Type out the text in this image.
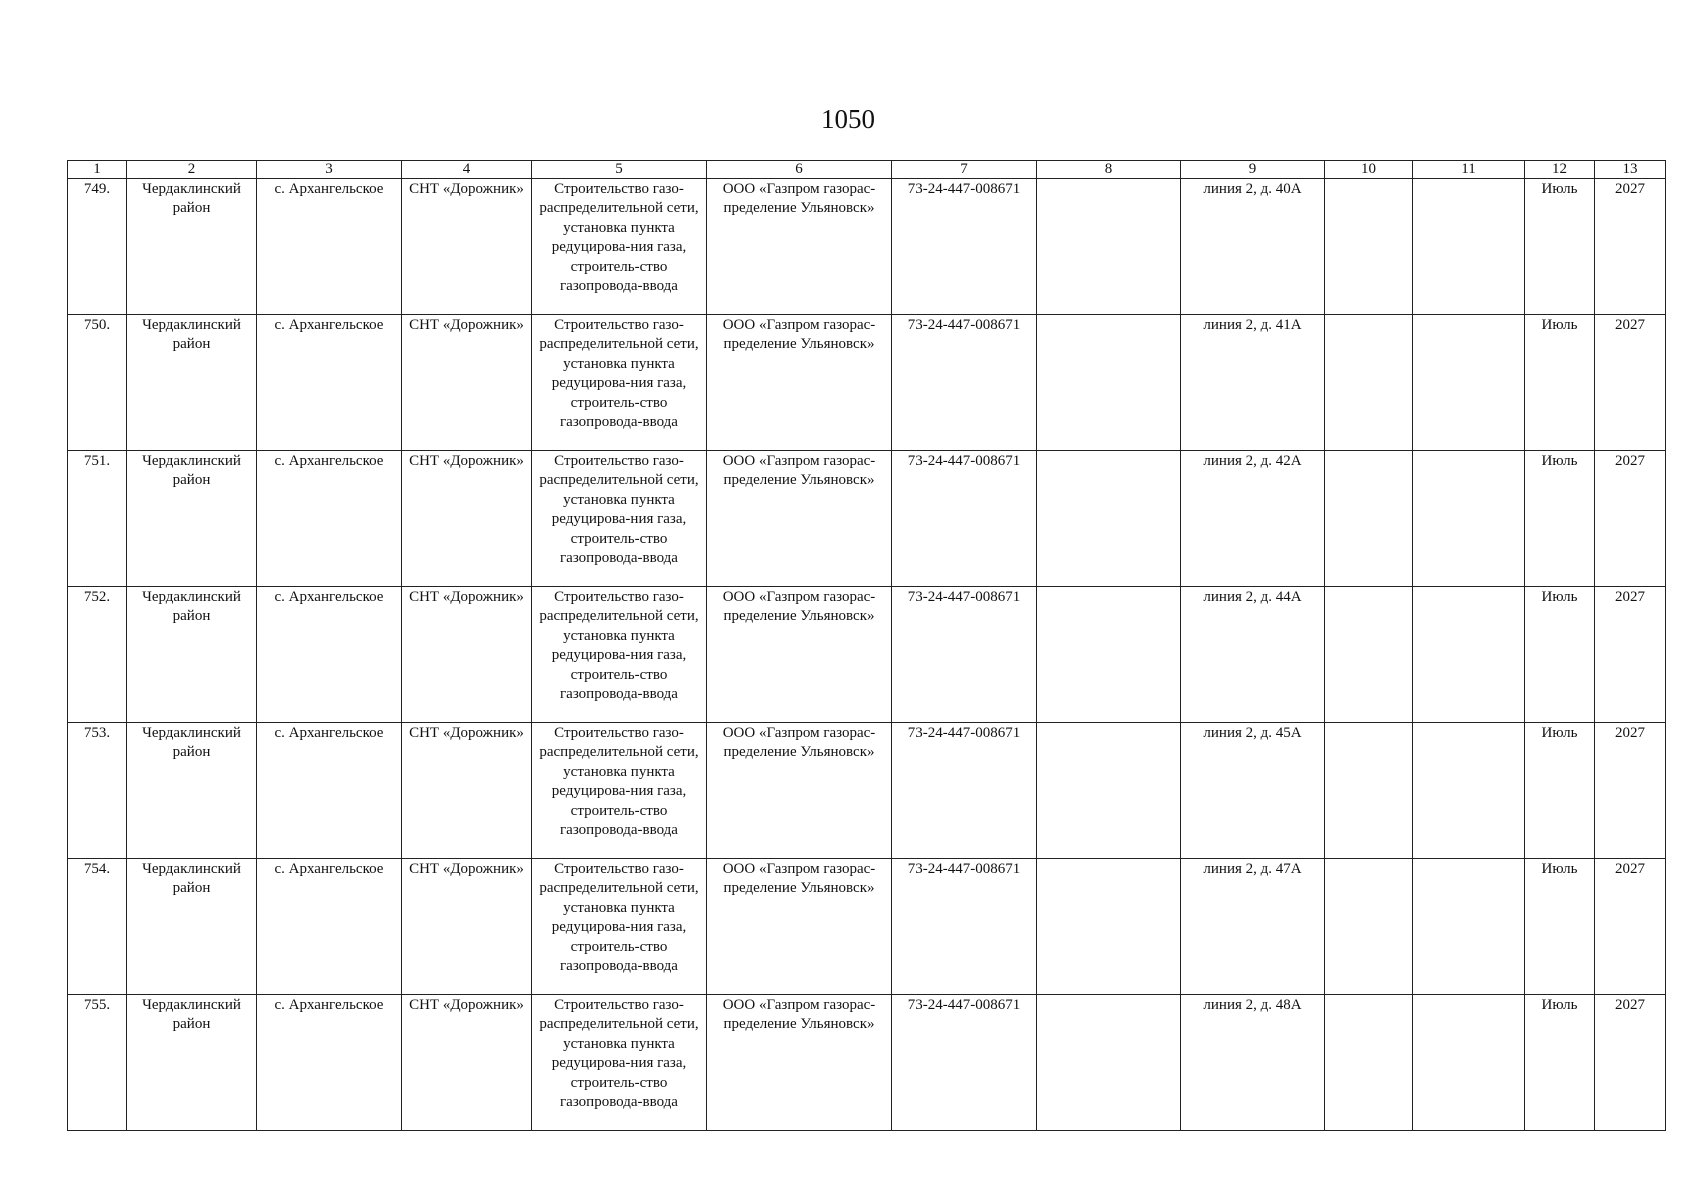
1050
1	2	3	4	5	6	7	8	9	10	11	12	13
749.	Чердаклинский район	с. Архангельское	СНТ «Дорожник»	Строительство газо-распределительной сети, установка пункта редуцирова-ния газа, строитель-ство газопровода-ввода	ООО «Газпром газорас-пределение Ульяновск»	73-24-447-008671		линия 2, д. 40А			Июль	2027
750.	Чердаклинский район	с. Архангельское	СНТ «Дорожник»	Строительство газо-распределительной сети, установка пункта редуцирова-ния газа, строитель-ство газопровода-ввода	ООО «Газпром газорас-пределение Ульяновск»	73-24-447-008671		линия 2, д. 41А			Июль	2027
751.	Чердаклинский район	с. Архангельское	СНТ «Дорожник»	Строительство газо-распределительной сети, установка пункта редуцирова-ния газа, строитель-ство газопровода-ввода	ООО «Газпром газорас-пределение Ульяновск»	73-24-447-008671		линия 2, д. 42А			Июль	2027
752.	Чердаклинский район	с. Архангельское	СНТ «Дорожник»	Строительство газо-распределительной сети, установка пункта редуцирова-ния газа, строитель-ство газопровода-ввода	ООО «Газпром газорас-пределение Ульяновск»	73-24-447-008671		линия 2, д. 44А			Июль	2027
753.	Чердаклинский район	с. Архангельское	СНТ «Дорожник»	Строительство газо-распределительной сети, установка пункта редуцирова-ния газа, строитель-ство газопровода-ввода	ООО «Газпром газорас-пределение Ульяновск»	73-24-447-008671		линия 2, д. 45А			Июль	2027
754.	Чердаклинский район	с. Архангельское	СНТ «Дорожник»	Строительство газо-распределительной сети, установка пункта редуцирова-ния газа, строитель-ство газопровода-ввода	ООО «Газпром газорас-пределение Ульяновск»	73-24-447-008671		линия 2, д. 47А			Июль	2027
755.	Чердаклинский район	с. Архангельское	СНТ «Дорожник»	Строительство газо-распределительной сети, установка пункта редуцирова-ния газа, строитель-ство газопровода-ввода	ООО «Газпром газорас-пределение Ульяновск»	73-24-447-008671		линия 2, д. 48А			Июль	2027
